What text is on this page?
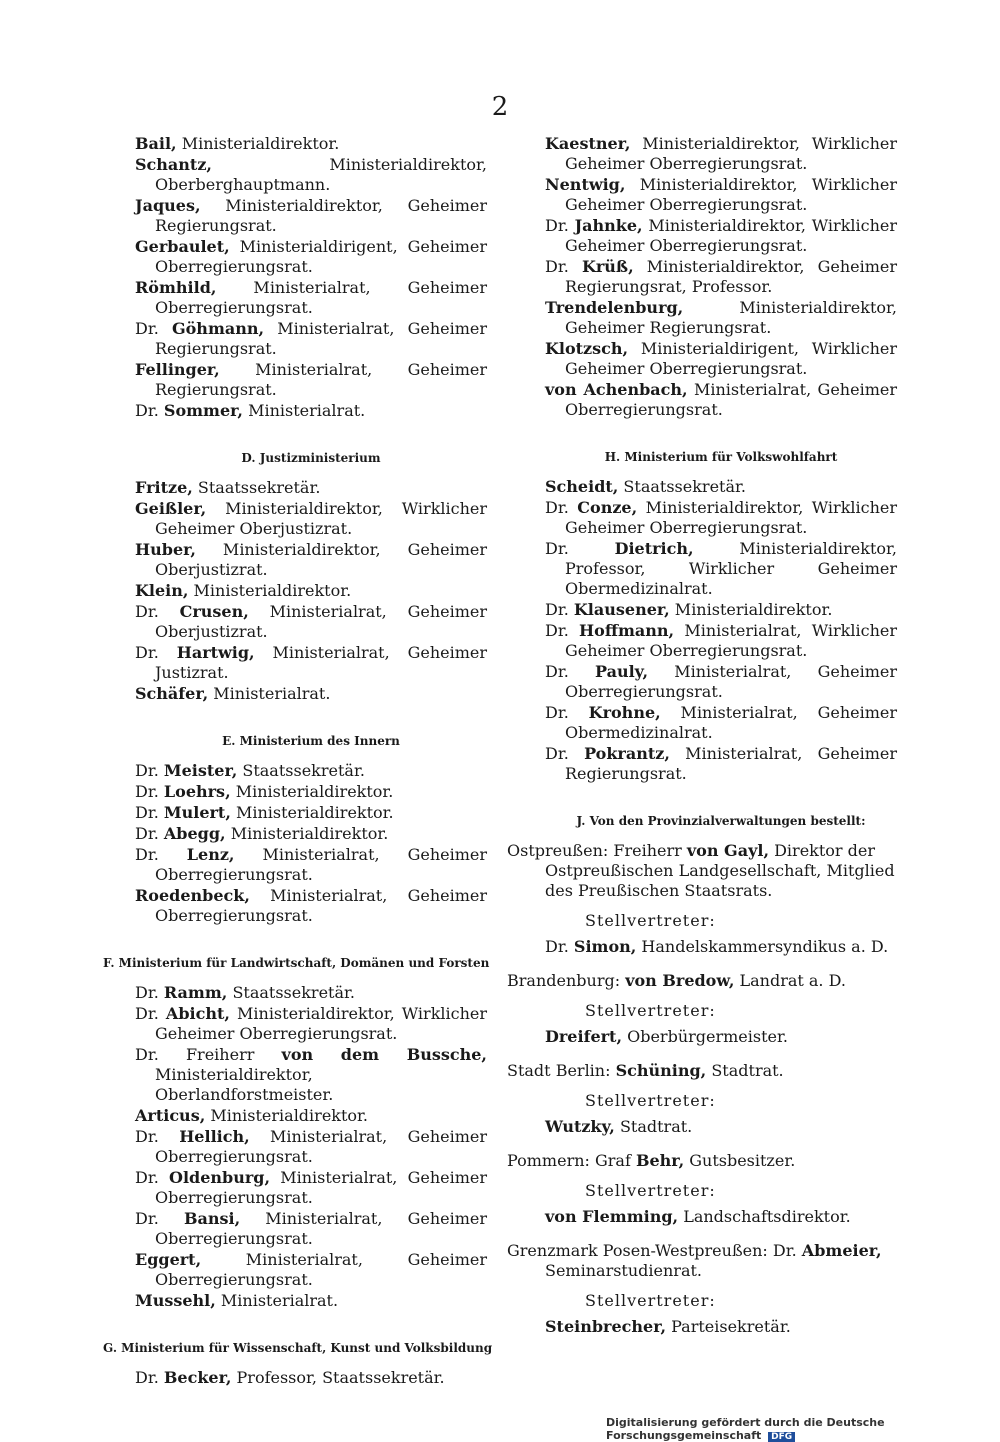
2
Bail, Ministerialdirektor.
Schantz, Ministerialdirektor, Oberberghauptmann.
Jaques, Ministerialdirektor, Geheimer Regierungsrat.
Gerbaulet, Ministerialdirigent, Geheimer Oberregierungsrat.
Römhild, Ministerialrat, Geheimer Oberregierungsrat.
Dr. Göhmann, Ministerialrat, Geheimer Regierungsrat.
Fellinger, Ministerialrat, Geheimer Regierungsrat.
Dr. Sommer, Ministerialrat.
D. Justizministerium
Fritze, Staatssekretär.
Geißler, Ministerialdirektor, Wirklicher Geheimer Oberjustizrat.
Huber, Ministerialdirektor, Geheimer Oberjustizrat.
Klein, Ministerialdirektor.
Dr. Crusen, Ministerialrat, Geheimer Oberjustizrat.
Dr. Hartwig, Ministerialrat, Geheimer Justizrat.
Schäfer, Ministerialrat.
E. Ministerium des Innern
Dr. Meister, Staatssekretär.
Dr. Loehrs, Ministerialdirektor.
Dr. Mulert, Ministerialdirektor.
Dr. Abegg, Ministerialdirektor.
Dr. Lenz, Ministerialrat, Geheimer Oberregierungsrat.
Roedenbeck, Ministerialrat, Geheimer Oberregierungsrat.
F. Ministerium für Landwirtschaft, Domänen und Forsten
Dr. Ramm, Staatssekretär.
Dr. Abicht, Ministerialdirektor, Wirklicher Geheimer Oberregierungsrat.
Dr. Freiherr von dem Bussche, Ministerialdirektor, Oberlandforstmeister.
Articus, Ministerialdirektor.
Dr. Hellich, Ministerialrat, Geheimer Oberregierungsrat.
Dr. Oldenburg, Ministerialrat, Geheimer Oberregierungsrat.
Dr. Bansi, Ministerialrat, Geheimer Oberregierungsrat.
Eggert, Ministerialrat, Geheimer Oberregierungsrat.
Mussehl, Ministerialrat.
G. Ministerium für Wissenschaft, Kunst und Volksbildung
Dr. Becker, Professor, Staatssekretär.
Kaestner, Ministerialdirektor, Wirklicher Geheimer Oberregierungsrat.
Nentwig, Ministerialdirektor, Wirklicher Geheimer Oberregierungsrat.
Dr. Jahnke, Ministerialdirektor, Wirklicher Geheimer Oberregierungsrat.
Dr. Krüß, Ministerialdirektor, Geheimer Regierungsrat, Professor.
Trendelenburg, Ministerialdirektor, Geheimer Regierungsrat.
Klotzsch, Ministerialdirigent, Wirklicher Geheimer Oberregierungsrat.
von Achenbach, Ministerialrat, Geheimer Oberregierungsrat.
H. Ministerium für Volkswohlfahrt
Scheidt, Staatssekretär.
Dr. Conze, Ministerialdirektor, Wirklicher Geheimer Oberregierungsrat.
Dr. Dietrich, Ministerialdirektor, Professor, Wirklicher Geheimer Obermedizinalrat.
Dr. Klausener, Ministerialdirektor.
Dr. Hoffmann, Ministerialrat, Wirklicher Geheimer Oberregierungsrat.
Dr. Pauly, Ministerialrat, Geheimer Oberregierungsrat.
Dr. Krohne, Ministerialrat, Geheimer Obermedizinalrat.
Dr. Pokrantz, Ministerialrat, Geheimer Regierungsrat.
J. Von den Provinzialverwaltungen bestellt:
Ostpreußen: Freiherr von Gayl, Direktor der Ostpreußischen Landgesellschaft, Mitglied des Preußischen Staatsrats.
Stellvertreter:
Dr. Simon, Handelskammersyndikus a. D.
Brandenburg: von Bredow, Landrat a. D.
Stellvertreter:
Dreifert, Oberbürgermeister.
Stadt Berlin: Schüning, Stadtrat.
Stellvertreter:
Wutzky, Stadtrat.
Pommern: Graf Behr, Gutsbesitzer.
Stellvertreter:
von Flemming, Landschaftsdirektor.
Grenzmark Posen-Westpreußen: Dr. Abmeier, Seminarstudienrat.
Stellvertreter:
Steinbrecher, Parteisekretär.
Digitalisierung gefördert durch die Deutsche Forschungsgemeinschaft DFG
